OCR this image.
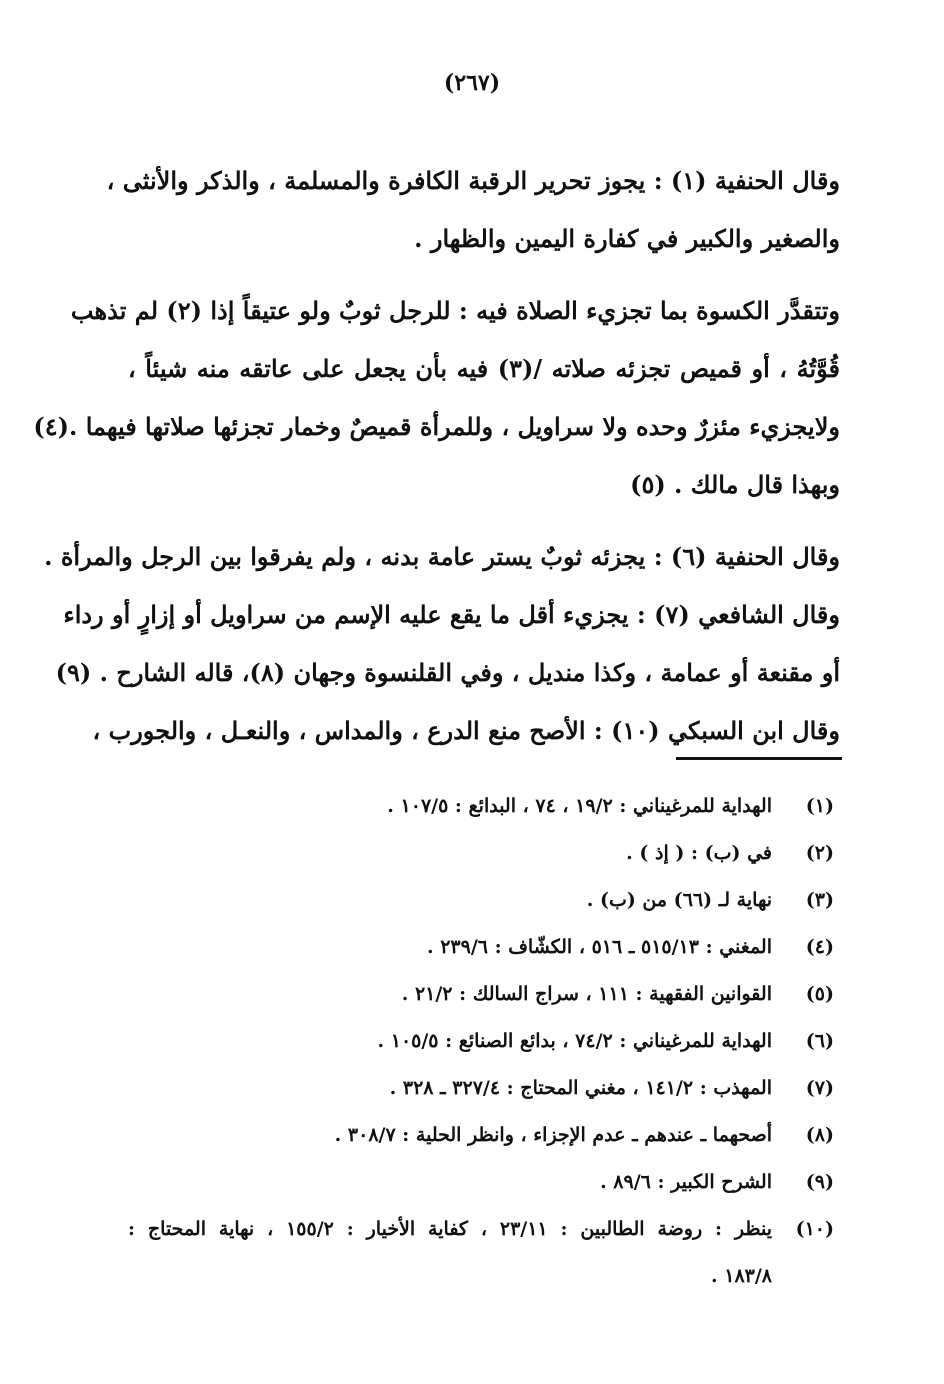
(٢٦٧)
وقال الحنفية (١) : يجوز تحرير الرقبة الكافرة والمسلمة ، والذكر والأنثى ،
والصغير والكبير في كفارة اليمين والظهار .
وتتقدَّر الكسوة بما تجزيء الصلاة فيه : للرجل ثوبٌ ولو عتيقاً إذا (٢) لم تذهب
قُوَّتُهُ ، أو قميص تجزئه صلاته /(٣) فيه بأن يجعل على عاتقه منه شيئاً ،
ولايجزيء مئزرٌ وحده ولا سراويل ، وللمرأة قميصٌ وخمار تجزئها صلاتها فيهما .(٤)
وبهذا قال مالك . (٥)
وقال الحنفية (٦) : يجزئه ثوبٌ يستر عامة بدنه ، ولم يفرقوا بين الرجل والمرأة .
وقال الشافعي (٧) : يجزيء أقل ما يقع عليه الإسم من سراويل أو إزارٍ أو رداء
أو مقنعة أو عمامة ، وكذا منديل ، وفي القلنسوة وجهان (٨)، قاله الشارح . (٩)
وقال ابن السبكي (١٠) : الأصح منع الدرع ، والمداس ، والنعـل ، والجورب ،
(١)
الهداية للمرغيناني : ١٩/٢ ، ٧٤ ، البدائع : ١٠٧/٥ .
(٢)
في (ب) : ( إذ ) .
(٣)
نهاية لـ (٦٦) من (ب) .
(٤)
المغني : ٥١٥/١٣ ـ ٥١٦ ، الكشّاف : ٢٣٩/٦ .
(٥)
القوانين الفقهية : ١١١ ، سراج السالك : ٢١/٢ .
(٦)
الهداية للمرغيناني : ٧٤/٢ ، بدائع الصنائع : ١٠٥/٥ .
(٧)
المهذب : ١٤١/٢ ، مغني المحتاج : ٣٢٧/٤ ـ ٣٢٨ .
(٨)
أصحهما ـ عندهم ـ عدم الإجزاء ، وانظر الحلية : ٣٠٨/٧ .
(٩)
الشرح الكبير : ٨٩/٦ .
(١٠)
ينظر : روضة الطالبين : ٢٣/١١ ، كفاية الأخيار : ١٥٥/٢ ، نهاية المحتاج :
١٨٣/٨ .
